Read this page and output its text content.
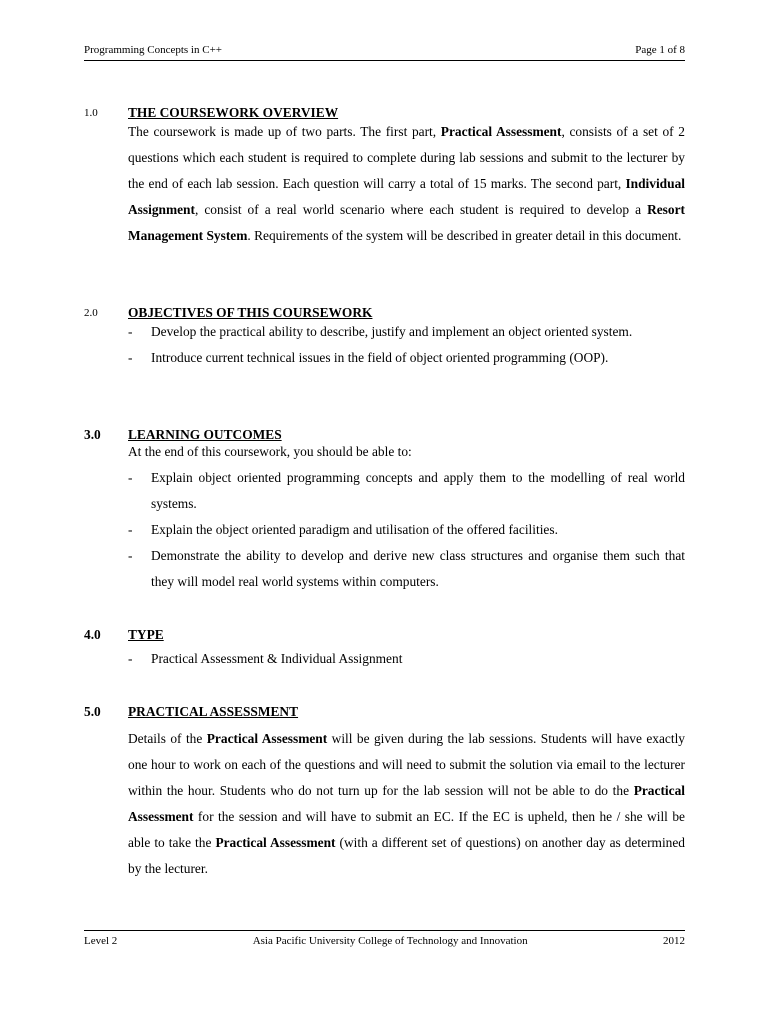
Programming Concepts in C++	Page 1 of 8
1.0	THE COURSEWORK OVERVIEW
The coursework is made up of two parts. The first part, Practical Assessment, consists of a set of 2 questions which each student is required to complete during lab sessions and submit to the lecturer by the end of each lab session. Each question will carry a total of 15 marks. The second part, Individual Assignment, consist of a real world scenario where each student is required to develop a Resort Management System. Requirements of the system will be described in greater detail in this document.
2.0	OBJECTIVES OF THIS COURSEWORK
- Develop the practical ability to describe, justify and implement an object oriented system.
- Introduce current technical issues in the field of object oriented programming (OOP).
3.0	LEARNING OUTCOMES
At the end of this coursework, you should be able to:
- Explain object oriented programming concepts and apply them to the modelling of real world systems.
- Explain the object oriented paradigm and utilisation of the offered facilities.
- Demonstrate the ability to develop and derive new class structures and organise them such that they will model real world systems within computers.
4.0	TYPE
- Practical Assessment & Individual Assignment
5.0	PRACTICAL ASSESSMENT
Details of the Practical Assessment will be given during the lab sessions. Students will have exactly one hour to work on each of the questions and will need to submit the solution via email to the lecturer within the hour. Students who do not turn up for the lab session will not be able to do the Practical Assessment for the session and will have to submit an EC. If the EC is upheld, then he / she will be able to take the Practical Assessment (with a different set of questions) on another day as determined by the lecturer.
Level 2	Asia Pacific University College of Technology and Innovation	2012
